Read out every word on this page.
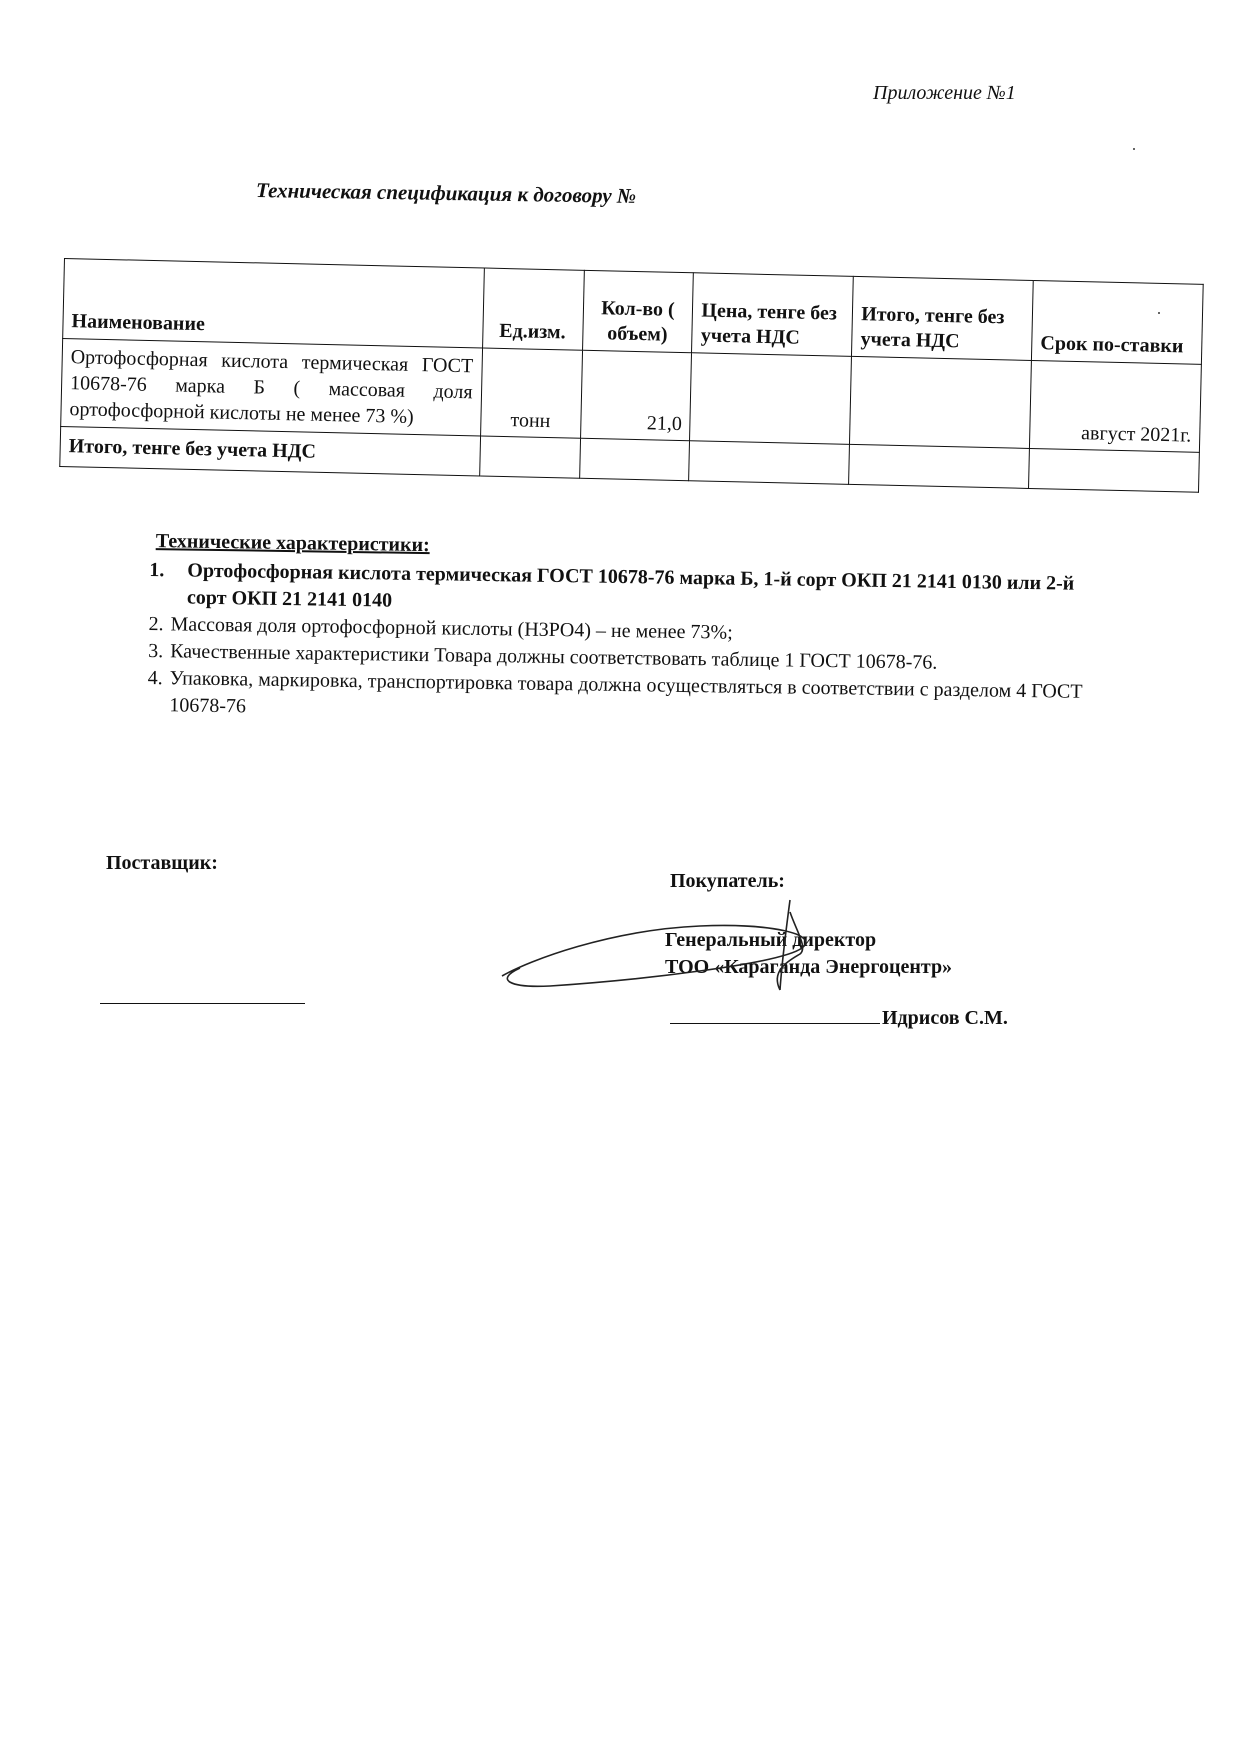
Приложение №1
Техническая спецификация к договору №
Наименование	Ед.изм.	Кол-во ( объем)	Цена, тенге без учета НДС	Итого, тенге без учета НДС	Срок по-ставки
Ортофосфорная кислота термическая ГОСТ 10678-76 марка Б ( массовая доля ортофосфорной кислоты не менее 73 %)	тонн	21,0			август 2021г.
Итого, тенге без учета НДС					
Технические характеристики:
1.	Ортофосфорная кислота термическая ГОСТ 10678-76 марка Б, 1-й сорт ОКП 21 2141 0130 или 2-й сорт ОКП 21 2141 0140
2. Массовая доля ортофосфорной кислоты (H3PO4) – не менее 73%;
3. Качественные характеристики Товара должны соответствовать таблице 1 ГОСТ 10678-76.
4. Упаковка, маркировка, транспортировка товара должна осуществляться в соответствии с разделом 4 ГОСТ 10678-76
Поставщик:
Покупатель:
Генеральный директор
ТОО «Караганда Энергоцентр»
Идрисов С.М.
